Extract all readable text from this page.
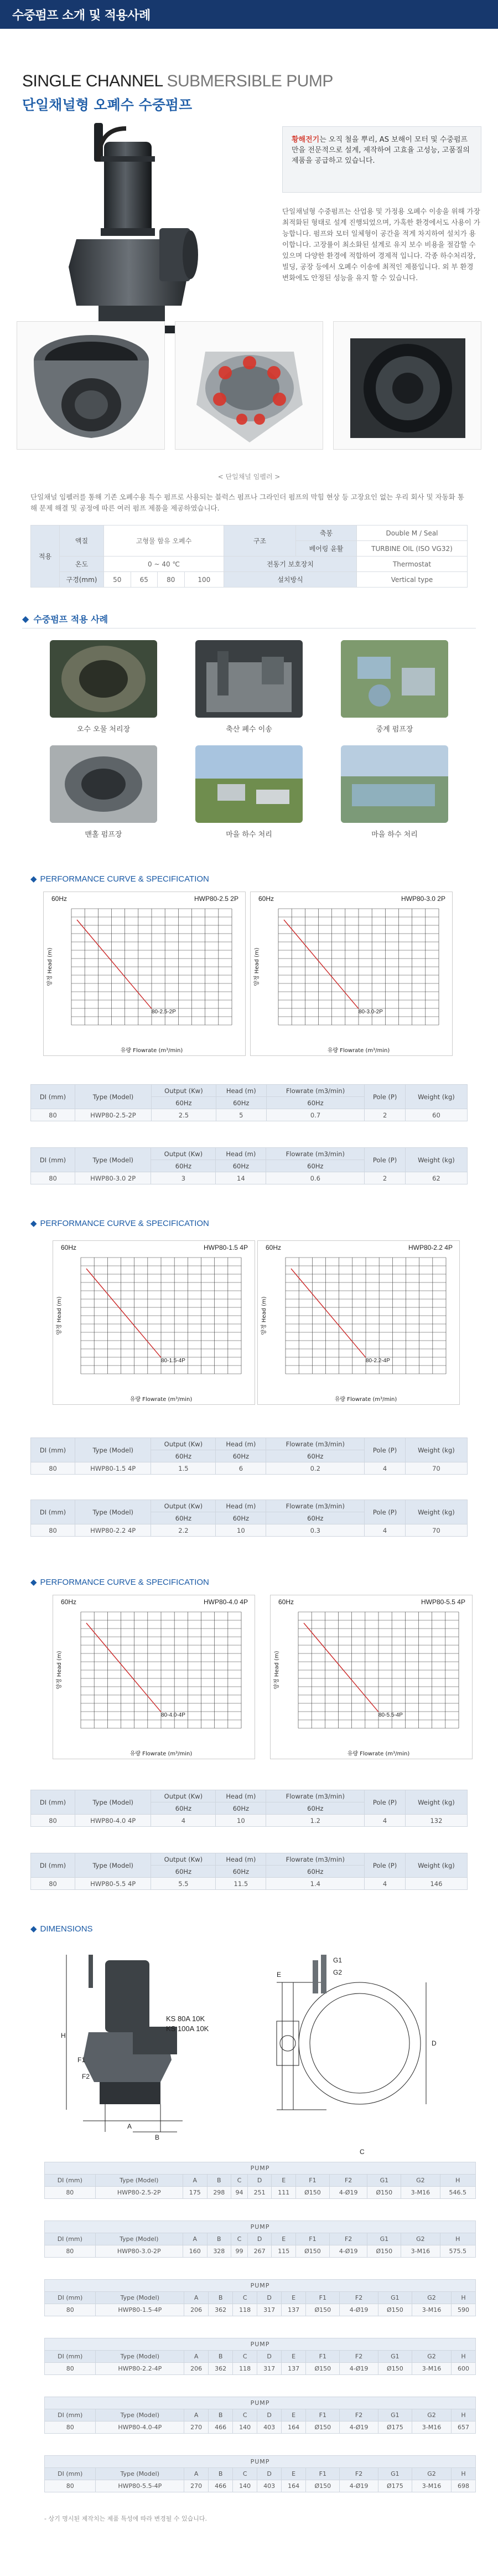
수중펌프 소개 및 적용사례
SINGLE CHANNEL SUBMERSIBLE PUMP
단일채널형 오폐수 수중펌프
황해전기는 오직 철을 뿌리, AS 보해이 모터 및 수중펌프만을 전문적으로 설계, 제작하여 고효율 고성능, 고품질의 제품을 공급하고 있습니다.
단일채널형 수중펌프는 산업용 및 가정용 오폐수 이송을 위해 가장 최적화된 형태로 설계 진행되었으며, 가혹한 환경에서도 사용이 가능합니다. 펌프와 모터 일체형이 공간을 적게 차지하여 설치가 용이합니다. 고장률이 최소화된 설계로 유지 보수 비용을 절감할 수 있으며 다양한 환경에 적합하여 경제적 입니다. 각종 하수처리장, 빌딩, 공장 등에서 오폐수 이송에 최적인 제품입니다. 외 부 환경 변화에도 안정된 성능을 유지 할 수 있습니다.
< 단일채널 임펠러 >
단일채널 임펠러를 통해 기존 오폐수용 특수 펌프로 사용되는 블럭스 펌프나 그라인더 펌프의 막힘 현상 등 고장요인 없는 우리 회사 및 자동화 통해 문제 해결 및 공정에 따른 여러 펌프 제품을 제공하였습니다.
적용	액질	고형물 함유 오폐수				구조	축봉	Double M / Seal
							베어링 윤활	TURBINE OIL (ISO VG32)
	온도	0 ~ 40 ℃				전동기 보호장치		Thermostat
	구경(mm)	50	65	80	100	설치방식		Vertical type
◆ 수중펌프 적용 사례
오수 오물 처리장	축산 폐수 이송	중계 펌프장
맨홀 펌프장	마을 하수 처리	마을 하수 처리
◆ PERFORMANCE CURVE & SPECIFICATION
◆ PERFORMANCE CURVE & SPECIFICATION
◆ PERFORMANCE CURVE & SPECIFICATION
60Hz	HWP80-2.5 2P
80-2.5-2P
양정 Head (m)
유량 Flowrate (m³/min)
60Hz	HWP80-3.0 2P
80-3.0-2P
양정 Head (m)
유량 Flowrate (m³/min)
60Hz	HWP80-1.5 4P
80-1.5-4P
양정 Head (m)
유량 Flowrate (m³/min)
60Hz	HWP80-2.2 4P
80-2.2-4P
양정 Head (m)
유량 Flowrate (m³/min)
60Hz	HWP80-4.0 4P
80-4.0-4P
양정 Head (m)
유량 Flowrate (m³/min)
60Hz	HWP80-5.5 4P
80-5.5-4P
양정 Head (m)
유량 Flowrate (m³/min)
DI (mm)	Type (Model)	Output (Kw)	Head (m)	Flowrate (m3/min)	Pole (P)	Weight (kg)
		60Hz	60Hz	60Hz		
80	HWP80-2.5-2P	2.5	5	0.7	2	60
DI (mm)	Type (Model)	Output (Kw)	Head (m)	Flowrate (m3/min)	Pole (P)	Weight (kg)
		60Hz	60Hz	60Hz		
80	HWP80-3.0 2P	3	14	0.6	2	62
DI (mm)	Type (Model)	Output (Kw)	Head (m)	Flowrate (m3/min)	Pole (P)	Weight (kg)
		60Hz	60Hz	60Hz		
80	HWP80-1.5 4P	1.5	6	0.2	4	70
DI (mm)	Type (Model)	Output (Kw)	Head (m)	Flowrate (m3/min)	Pole (P)	Weight (kg)
		60Hz	60Hz	60Hz		
80	HWP80-2.2 4P	2.2	10	0.3	4	70
DI (mm)	Type (Model)	Output (Kw)	Head (m)	Flowrate (m3/min)	Pole (P)	Weight (kg)
		60Hz	60Hz	60Hz		
80	HWP80-4.0 4P	4	10	1.2	4	132
DI (mm)	Type (Model)	Output (Kw)	Head (m)	Flowrate (m3/min)	Pole (P)	Weight (kg)
		60Hz	60Hz	60Hz		
80	HWP80-5.5 4P	5.5	11.5	1.4	4	146
◆ DIMENSIONS
KS 80A 10K
KS 100A 10K
H
A
B
C
D
E
F1
F2
G1
G2
PUMP											
DI (mm)	Type (Model)	A	B	C	D	E	F1	F2	G1	G2	H
80	HWP80-2.5-2P	175	298	94	251	111	Ø150	4-Ø19	Ø150	3-M16	546.5
PUMP											
DI (mm)	Type (Model)	A	B	C	D	E	F1	F2	G1	G2	H
80	HWP80-3.0-2P	160	328	99	267	115	Ø150	4-Ø19	Ø150	3-M16	575.5
PUMP											
DI (mm)	Type (Model)	A	B	C	D	E	F1	F2	G1	G2	H
80	HWP80-1.5-4P	206	362	118	317	137	Ø150	4-Ø19	Ø150	3-M16	590
PUMP											
DI (mm)	Type (Model)	A	B	C	D	E	F1	F2	G1	G2	H
80	HWP80-2.2-4P	206	362	118	317	137	Ø150	4-Ø19	Ø150	3-M16	600
PUMP											
DI (mm)	Type (Model)	A	B	C	D	E	F1	F2	G1	G2	H
80	HWP80-4.0-4P	270	466	140	403	164	Ø150	4-Ø19	Ø175	3-M16	657
PUMP											
DI (mm)	Type (Model)	A	B	C	D	E	F1	F2	G1	G2	H
80	HWP80-5.5-4P	270	466	140	403	164	Ø150	4-Ø19	Ø175	3-M16	698
- 상기 명시된 제작치는 제품 특성에 따라 변경될 수 있습니다.
